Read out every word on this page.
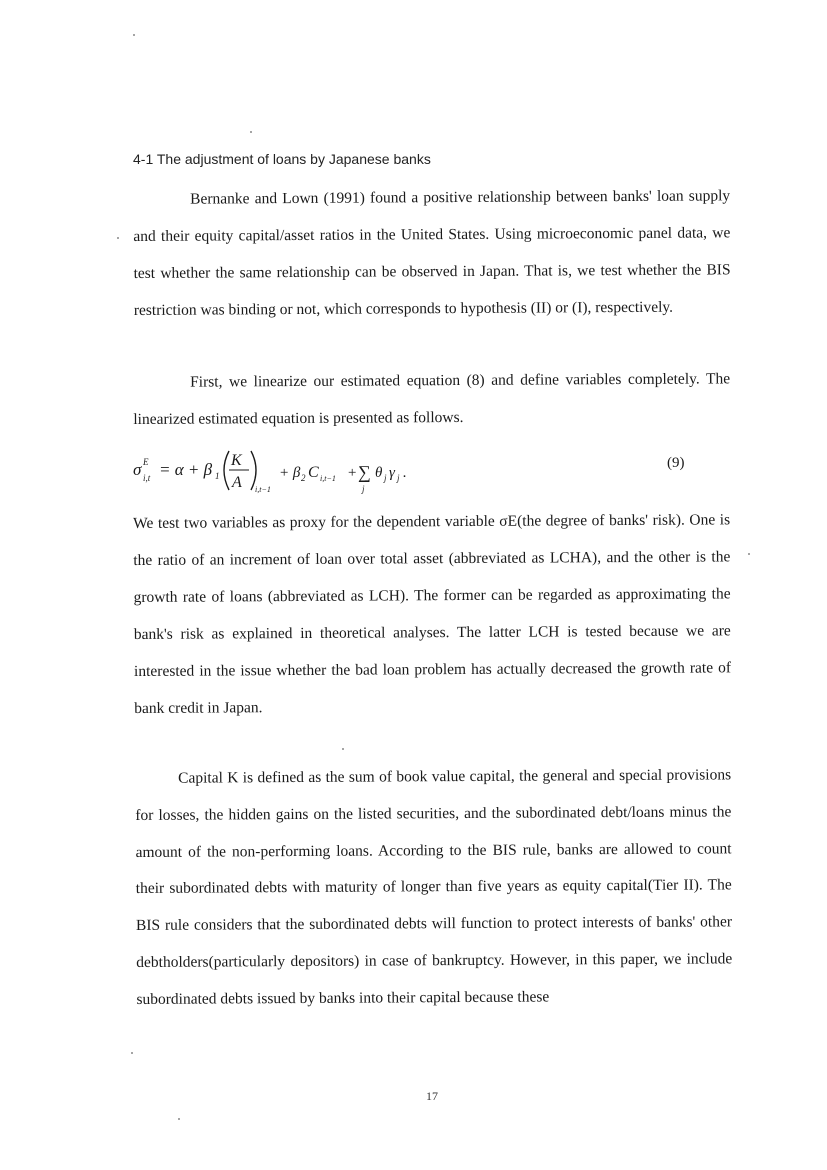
4-1 The adjustment of loans by Japanese banks

Bernanke and Lown (1991) found a positive relationship between banks' loan supply and their equity capital/asset ratios in the United States. Using microeconomic panel data, we test whether the same relationship can be observed in Japan. That is, we test whether the BIS restriction was binding or not, which corresponds to hypothesis (II) or (I), respectively.

First, we linearize our estimated equation (8) and define variables completely. The linearized estimated equation is presented as follows.

σ E
i,t = α + β 1
K
A i,t−1
+ β 2 C i,t−1 + ∑
j
θ j γ j .
(9)

We test two variables as proxy for the dependent variable σE(the degree of banks' risk). One is the ratio of an increment of loan over total asset (abbreviated as LCHA), and the other is the growth rate of loans (abbreviated as LCH). The former can be regarded as approximating the bank's risk as explained in theoretical analyses. The latter LCH is tested because we are interested in the issue whether the bad loan problem has actually decreased the growth rate of bank credit in Japan.

Capital K is defined as the sum of book value capital, the general and special provisions for losses, the hidden gains on the listed securities, and the subordinated debt/loans minus the amount of the non-performing loans. According to the BIS rule, banks are allowed to count their subordinated debts with maturity of longer than five years as equity capital(Tier II). The BIS rule considers that the subordinated debts will function to protect interests of banks' other debtholders(particularly depositors) in case of bankruptcy. However, in this paper, we include subordinated debts issued by banks into their capital because these

17
